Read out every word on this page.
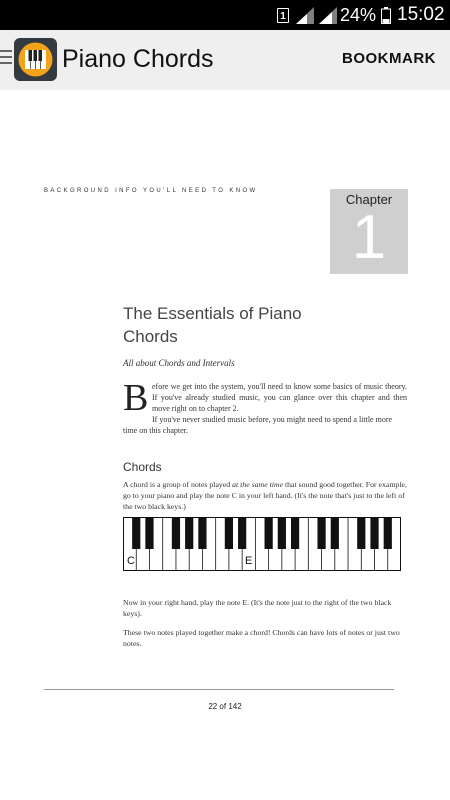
1	24% 15:02
Piano Chords	BOOKMARK
BACKGROUND INFO YOU'LL NEED TO KNOW
Chapter
1
The Essentials of Piano Chords
All about Chords and Intervals
B efore we get into the system, you'll need to know some basics of music theory. If you've already studied music, you can glance over this chapter and then move right on to chapter 2.
If you've never studied music before, you might need to spend a little more time on this chapter.
Chords
A chord is a group of notes played at the same time that sound good together. For example, go to your piano and play the note C in your left hand. (It's the note that's just to the left of the two black keys.)
C	E
Now in your right hand, play the note E. (It's the note just to the right of the two black keys).
These two notes played together make a chord! Chords can have lots of notes or just two notes.
22 of 142
